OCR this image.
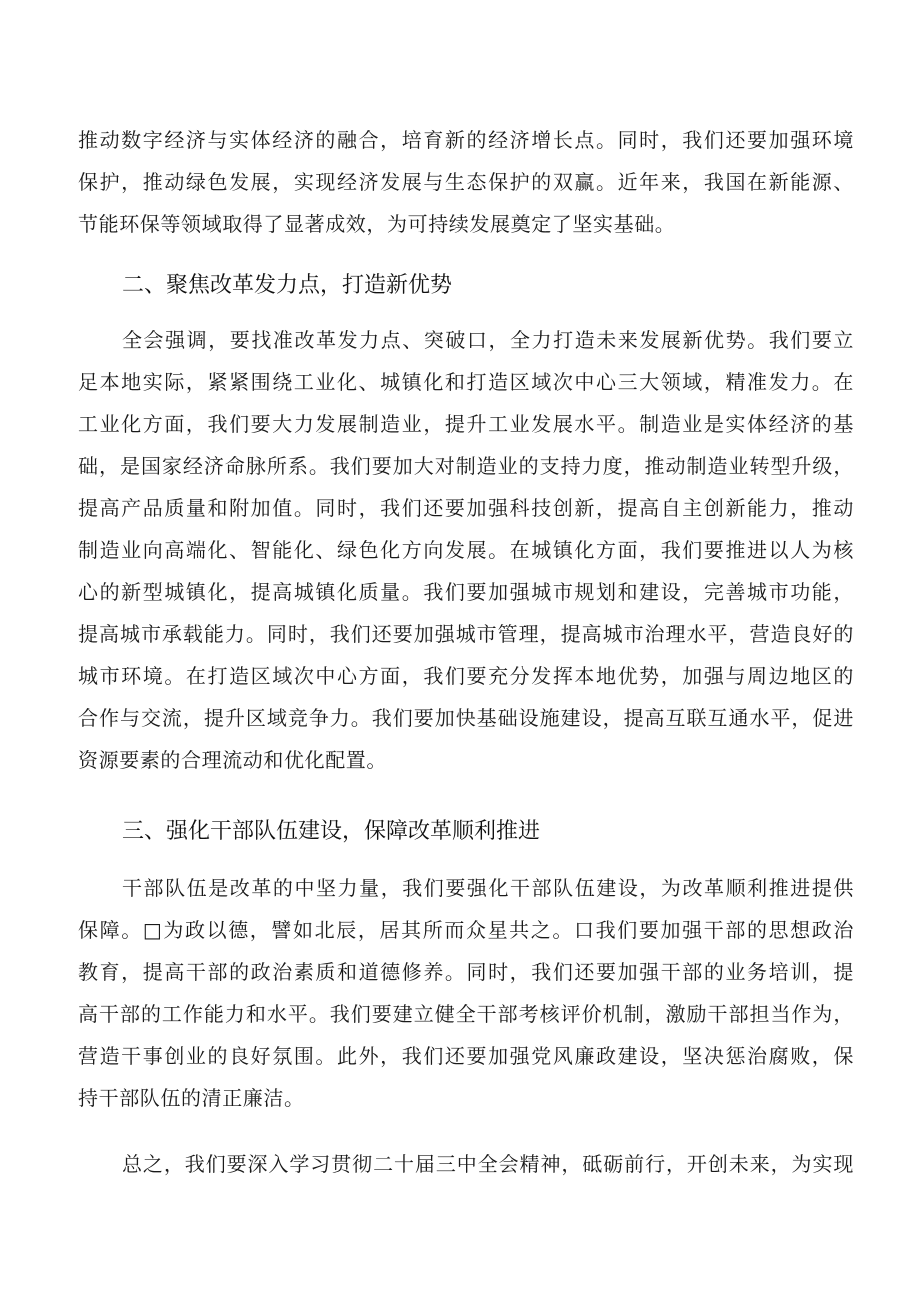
推动数字经济与实体经济的融合，培育新的经济增长点。同时，我们还要加强环境
保护，推动绿色发展，实现经济发展与生态保护的双赢。近年来，我国在新能源、
节能环保等领域取得了显著成效，为可持续发展奠定了坚实基础。
二、聚焦改革发力点，打造新优势
全会强调，要找准改革发力点、突破口，全力打造未来发展新优势。我们要立
足本地实际，紧紧围绕工业化、城镇化和打造区域次中心三大领域，精准发力。在
工业化方面，我们要大力发展制造业，提升工业发展水平。制造业是实体经济的基
础，是国家经济命脉所系。我们要加大对制造业的支持力度，推动制造业转型升级，
提高产品质量和附加值。同时，我们还要加强科技创新，提高自主创新能力，推动
制造业向高端化、智能化、绿色化方向发展。在城镇化方面，我们要推进以人为核
心的新型城镇化，提高城镇化质量。我们要加强城市规划和建设，完善城市功能，
提高城市承载能力。同时，我们还要加强城市管理，提高城市治理水平，营造良好的
城市环境。在打造区域次中心方面，我们要充分发挥本地优势，加强与周边地区的
合作与交流，提升区域竞争力。我们要加快基础设施建设，提高互联互通水平，促进
资源要素的合理流动和优化配置。
三、强化干部队伍建设，保障改革顺利推进
干部队伍是改革的中坚力量，我们要强化干部队伍建设，为改革顺利推进提供
保障。□为政以德，譬如北辰，居其所而众星共之。口我们要加强干部的思想政治
教育，提高干部的政治素质和道德修养。同时，我们还要加强干部的业务培训，提
高干部的工作能力和水平。我们要建立健全干部考核评价机制，激励干部担当作为，
营造干事创业的良好氛围。此外，我们还要加强党风廉政建设，坚决惩治腐败，保
持干部队伍的清正廉洁。
总之，我们要深入学习贯彻二十届三中全会精神，砥砺前行，开创未来，为实现
